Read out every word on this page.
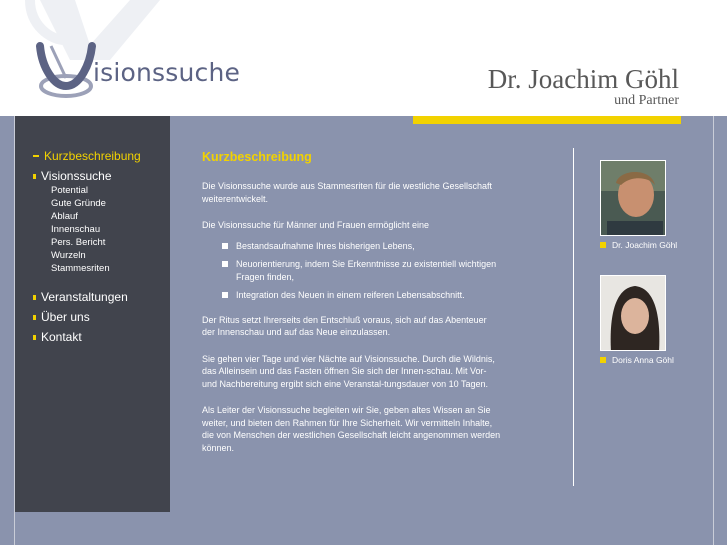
isionssuche	Dr. Joachim Göhl
und Partner
Kurzbeschreibung
Visionssuche
Potential
Gute Gründe
Ablauf
Innenschau
Pers. Bericht
Wurzeln
Stammesriten
Veranstaltungen
Über uns
Kontakt
Kurzbeschreibung

Die Visionssuche wurde aus Stammesriten für die westliche Gesellschaft weiterentwickelt.

Die Visionssuche für Männer und Frauen ermöglicht eine

Bestandsaufnahme Ihres bisherigen Lebens,
Neuorientierung, indem Sie Erkenntnisse zu existentiell wichtigen Fragen finden,
Integration des Neuen in einem reiferen Lebensabschnitt.

Der Ritus setzt Ihrerseits den Entschluß voraus, sich auf das Abenteuer der Innenschau und auf das Neue einzulassen.

Sie gehen vier Tage und vier Nächte auf Visionssuche. Durch die Wildnis, das Alleinsein und das Fasten öffnen Sie sich der Innen-schau. Mit Vor- und Nachbereitung ergibt sich eine Veranstal-tungsdauer von 10 Tagen.

Als Leiter der Visionssuche begleiten wir Sie, geben altes Wissen an Sie weiter, und bieten den Rahmen für Ihre Sicherheit. Wir vermitteln Inhalte, die von Menschen der westlichen Gesellschaft leicht angenommen werden können.

Dr. Joachim Göhl
Doris Anna Göhl
